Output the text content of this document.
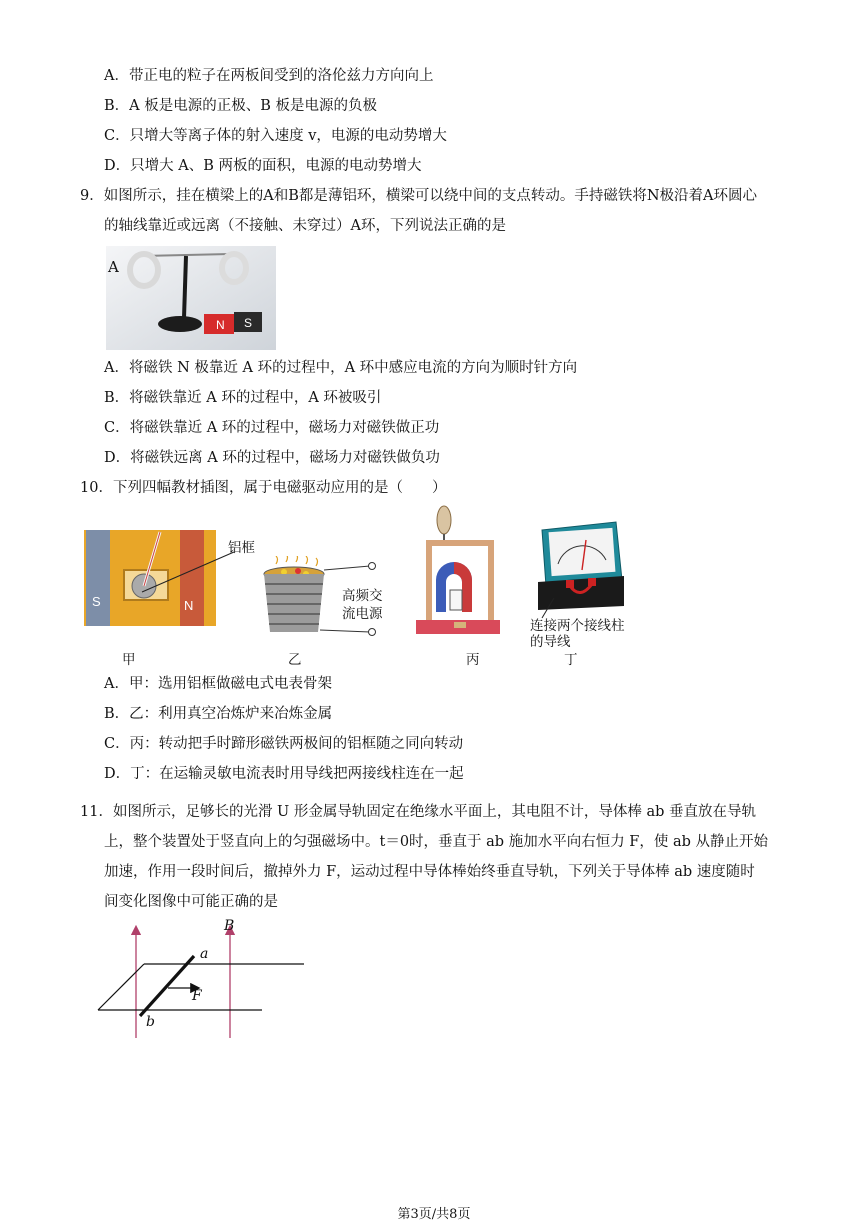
A．带正电的粒子在两板间受到的洛伦兹力方向向上
B．A 板是电源的正极、B 板是电源的负极
C．只增大等离子体的射入速度 v，电源的电动势增大
D．只增大 A、B 两板的面积，电源的电动势增大
9．如图所示，挂在横梁上的A和B都是薄铝环，横梁可以绕中间的支点转动。手持磁铁将N极沿着A环圆心
的轴线靠近或远离（不接触、未穿过）A环，下列说法正确的是
N S
A
A．将磁铁 N 极靠近 A 环的过程中，A 环中感应电流的方向为顺时针方向
B．将磁铁靠近 A 环的过程中，A 环被吸引
C．将磁铁靠近 A 环的过程中，磁场力对磁铁做正功
D．将磁铁远离 A 环的过程中，磁场力对磁铁做负功
10．下列四幅教材插图，属于电磁驱动应用的是（　　）
S	N
铝框
甲
高频交
流电源
乙	丙
连接两个接线柱
的导线
丁
A．甲：选用铝框做磁电式电表骨架
B．乙：利用真空冶炼炉来冶炼金属
C．丙：转动把手时蹄形磁铁两极间的铝框随之同向转动
D．丁：在运输灵敏电流表时用导线把两接线柱连在一起
11．如图所示，足够长的光滑 U 形金属导轨固定在绝缘水平面上，其电阻不计，导体棒 ab 垂直放在导轨
上，整个装置处于竖直向上的匀强磁场中。t＝0时，垂直于 ab 施加水平向右恒力 F，使 ab 从静止开始
加速，作用一段时间后，撤掉外力 F，运动过程中导体棒始终垂直导轨，下列关于导体棒 ab 速度随时
间变化图像中可能正确的是
B
a
b
F
第3页/共8页
